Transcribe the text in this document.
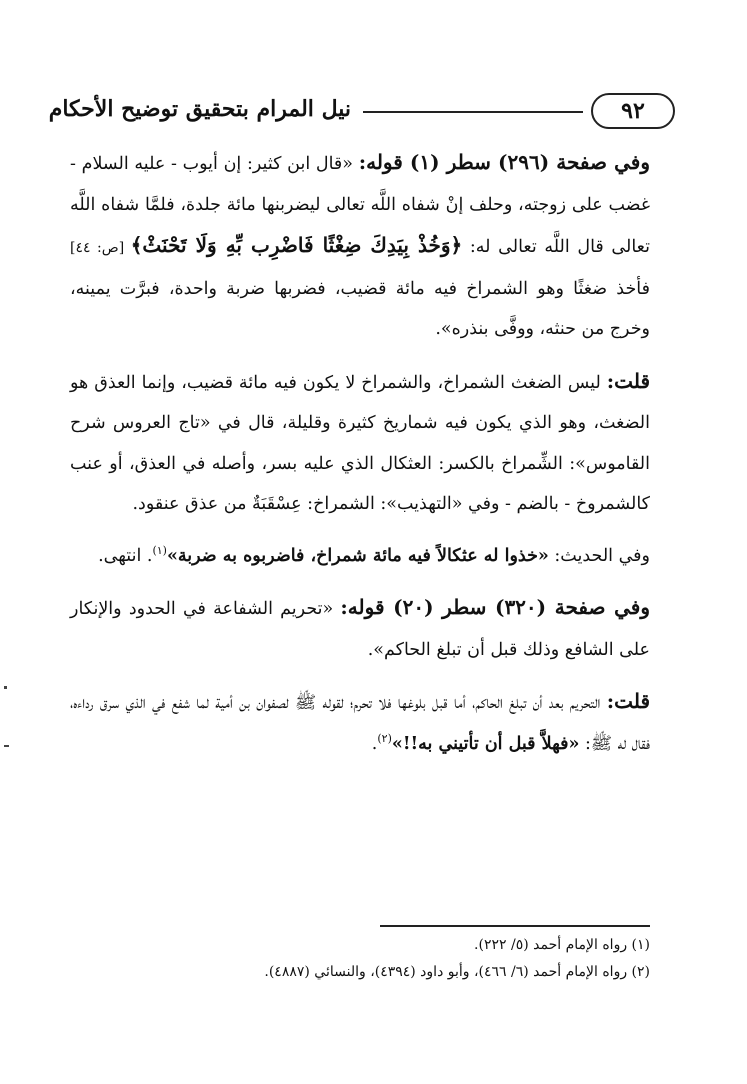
٩٢
نيل المرام بتحقيق توضيح الأحكام

وفي صفحة (٢٩٦) سطر (١) قوله: «قال ابن كثير: إن أيوب - عليه السلام - غضب على زوجته، وحلف إنْ شفاه اللَّه تعالى ليضربنها مائة جلدة، فلمَّا شفاه اللَّه تعالى قال اللَّه تعالى له: ﴿وَخُذْ بِيَدِكَ ضِغْثًا فَاضْرِب بِّهِ وَلَا تَحْنَثْ﴾ [ص: ٤٤] فأخذ ضغثًا وهو الشمراخ فيه مائة قضيب، فضربها ضربة واحدة، فبرَّت يمينه، وخرج من حنثه، ووفَّى بنذره».

قلت: ليس الضغث الشمراخ، والشمراخ لا يكون فيه مائة قضيب، وإنما العذق هو الضغث، وهو الذي يكون فيه شماريخ كثيرة وقليلة، قال في «تاج العروس شرح القاموس»: الشِّمراخ بالكسر: العثكال الذي عليه بسر، وأصله في العذق، أو عنب كالشمروخ - بالضم - وفي «التهذيب»: الشمراخ: عِسْقَبَةٌ من عذق عنقود.

وفي الحديث: «خذوا له عثكالاً فيه مائة شمراخ، فاضربوه به ضربة»$^{(١)}$. انتهى.

وفي صفحة (٣٢٠) سطر (٢٠) قوله: «تحريم الشفاعة في الحدود والإنكار على الشافع وذلك قبل أن تبلغ الحاكم».

قلت: التحريم بعد أن تبلغ الحاكم، أما قبل بلوغها فلا تحرم؛ لقوله ﷺ لصفوان بن أمية لما شفع في الذي سرق رداءه، فقال له ﷺ: «فهلاَّ قبل أن تأتيني به!!»$^{(٢)}$.

(١) رواه الإمام أحمد (٥/ ٢٢٢).

(٢) رواه الإمام أحمد (٦/ ٤٦٦)، وأبو داود (٤٣٩٤)، والنسائي (٤٨٨٧).
